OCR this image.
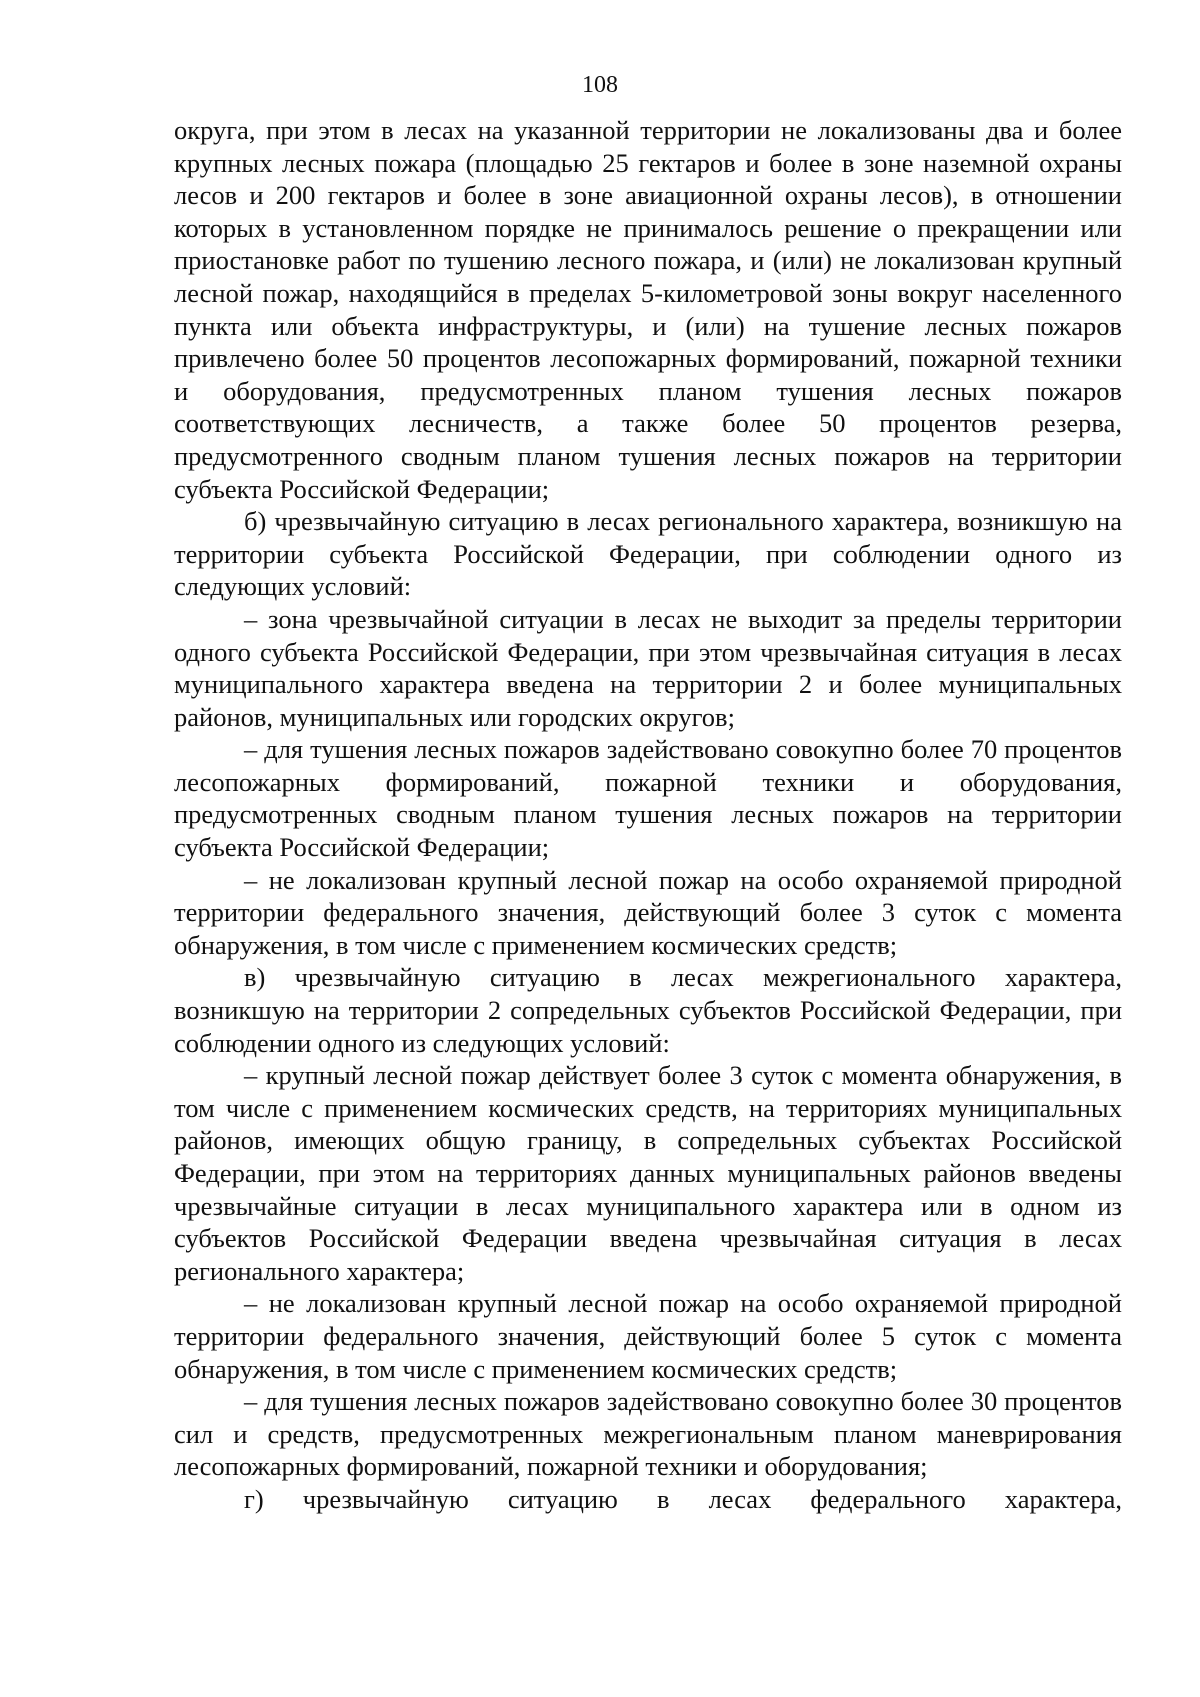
108

округа, при этом в лесах на указанной территории не локализованы два и более крупных лесных пожара (площадью 25 гектаров и более в зоне наземной охраны лесов и 200 гектаров и более в зоне авиационной охраны лесов), в отношении которых в установленном порядке не принималось решение о прекращении или приостановке работ по тушению лесного пожара, и (или) не локализован крупный лесной пожар, находящийся в пределах 5-километровой зоны вокруг населенного пункта или объекта инфраструктуры, и (или) на тушение лесных пожаров привлечено более 50 процентов лесопожарных формирований, пожарной техники и оборудования, предусмотренных планом тушения лесных пожаров соответствующих лесничеств, а также более 50 процентов резерва, предусмотренного сводным планом тушения лесных пожаров на территории субъекта Российской Федерации;

б) чрезвычайную ситуацию в лесах регионального характера, возникшую на территории субъекта Российской Федерации, при соблюдении одного из следующих условий:

– зона чрезвычайной ситуации в лесах не выходит за пределы территории одного субъекта Российской Федерации, при этом чрезвычайная ситуация в лесах муниципального характера введена на территории 2 и более муниципальных районов, муниципальных или городских округов;

– для тушения лесных пожаров задействовано совокупно более 70 процентов лесопожарных формирований, пожарной техники и оборудования, предусмотренных сводным планом тушения лесных пожаров на территории субъекта Российской Федерации;

– не локализован крупный лесной пожар на особо охраняемой природной территории федерального значения, действующий более 3 суток с момента обнаружения, в том числе с применением космических средств;

в) чрезвычайную ситуацию в лесах межрегионального характера, возникшую на территории 2 сопредельных субъектов Российской Федерации, при соблюдении одного из следующих условий:

– крупный лесной пожар действует более 3 суток с момента обнаружения, в том числе с применением космических средств, на территориях муниципальных районов, имеющих общую границу, в сопредельных субъектах Российской Федерации, при этом на территориях данных муниципальных районов введены чрезвычайные ситуации в лесах муниципального характера или в одном из субъектов Российской Федерации введена чрезвычайная ситуация в лесах регионального характера;

– не локализован крупный лесной пожар на особо охраняемой природной территории федерального значения, действующий более 5 суток с момента обнаружения, в том числе с применением космических средств;

– для тушения лесных пожаров задействовано совокупно более 30 процентов сил и средств, предусмотренных межрегиональным планом маневрирования лесопожарных формирований, пожарной техники и оборудования;

г) чрезвычайную ситуацию в лесах федерального характера,
